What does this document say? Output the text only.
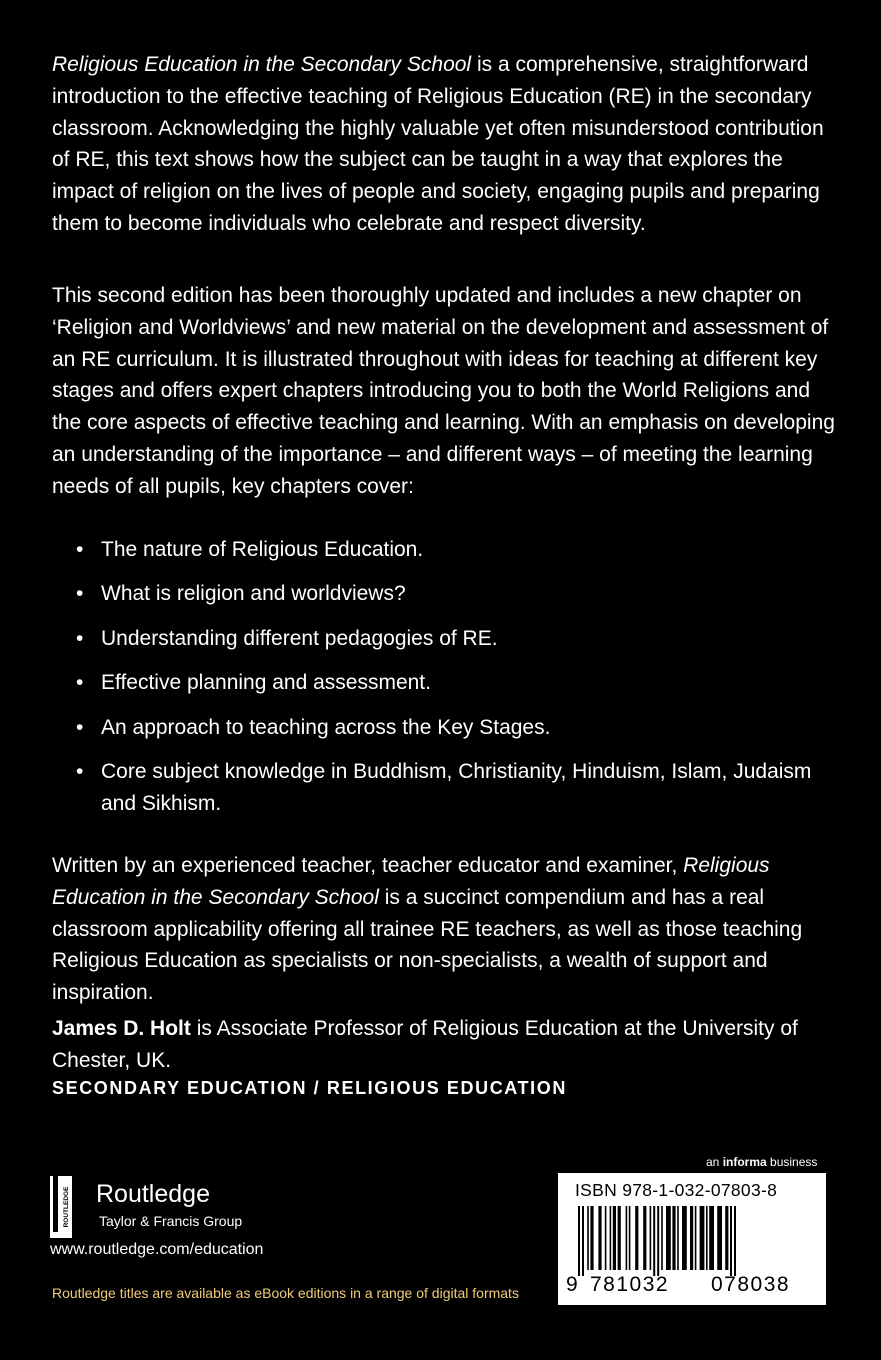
Religious Education in the Secondary School is a comprehensive, straightforward introduction to the effective teaching of Religious Education (RE) in the secondary classroom. Acknowledging the highly valuable yet often misunderstood contribution of RE, this text shows how the subject can be taught in a way that explores the impact of religion on the lives of people and society, engaging pupils and preparing them to become individuals who celebrate and respect diversity.

This second edition has been thoroughly updated and includes a new chapter on ‘Religion and Worldviews’ and new material on the development and assessment of an RE curriculum. It is illustrated throughout with ideas for teaching at different key stages and offers expert chapters introducing you to both the World Religions and the core aspects of effective teaching and learning. With an emphasis on developing an understanding of the importance – and different ways – of meeting the learning needs of all pupils, key chapters cover:

• The nature of Religious Education.
• What is religion and worldviews?
• Understanding different pedagogies of RE.
• Effective planning and assessment.
• An approach to teaching across the Key Stages.
• Core subject knowledge in Buddhism, Christianity, Hinduism, Islam, Judaism and Sikhism.

Written by an experienced teacher, teacher educator and examiner, Religious Education in the Secondary School is a succinct compendium and has a real classroom applicability offering all trainee RE teachers, as well as those teaching Religious Education as specialists or non-specialists, a wealth of support and inspiration.

James D. Holt is Associate Professor of Religious Education at the University of Chester, UK.

SECONDARY EDUCATION / RELIGIOUS EDUCATION
an informa business
ISBN 978-1-032-07803-8
9 781032 078038
ROUTLEDGE Routledge
Taylor & Francis Group
www.routledge.com/education
Routledge titles are available as eBook editions in a range of digital formats
